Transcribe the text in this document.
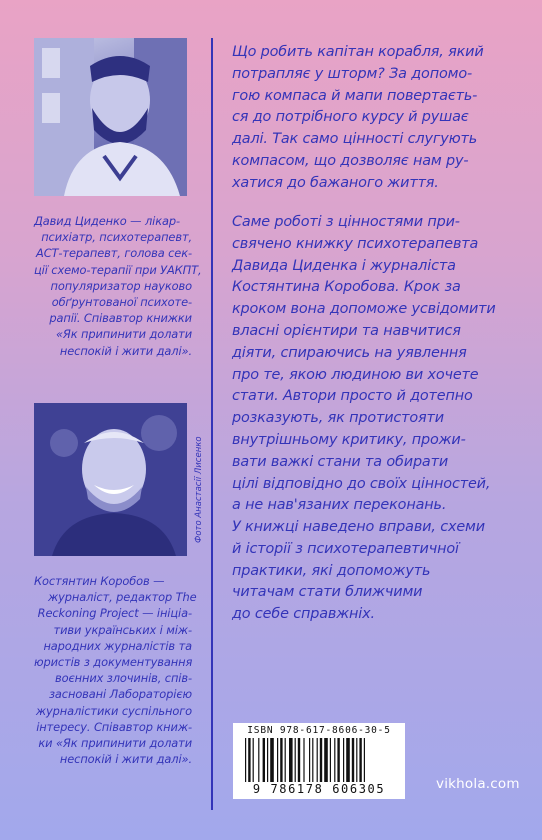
Давид Циденко — лікар-
психіатр, психотерапевт,
АСТ-терапевт, голова сек-
ції схемо-терапії при УАКПТ,
популяризатор науково
обґрунтованої психоте-
рапії. Співавтор книжки
«Як припинити долати
неспокій і жити далі».
Фото Анастасії Лисенко
Костянтин Коробов —
журналіст, редактор The
Reckoning Project — ініціа-
тиви українських і між-
народних журналістів та
юристів з документування
воєнних злочинів, спів-
засновані Лабораторією
журналістики суспільного
інтересу. Співавтор книж-
ки «Як припинити долати
неспокій і жити далі».
Що робить капітан корабля, який
потрапляє у шторм? За допомо-
гою компаса й мапи повертаєть-
ся до потрібного курсу й рушає
далі. Так само цінності слугують
компасом, що дозволяє нам ру-
хатися до бажаного життя.
Саме роботі з цінностями при-
свячено книжку психотерапевта
Давида Циденка і журналіста
Костянтина Коробова. Крок за
кроком вона допоможе усвідомити
власні орієнтири та навчитися
діяти, спираючись на уявлення
про те, якою людиною ви хочете
стати. Автори просто й дотепно
розказують, як протистояти
внутрішньому критику, прожи-
вати важкі стани та обирати
цілі відповідно до своїх цінностей,
а не нав'язаних переконань.
У книжці наведено вправи, схеми
й історії з психотерапевтичної
практики, які допоможуть
читачам стати ближчими
до себе справжніх.
ISBN 978-617-8606-30-5
9 786178 606305	vikhola.com
